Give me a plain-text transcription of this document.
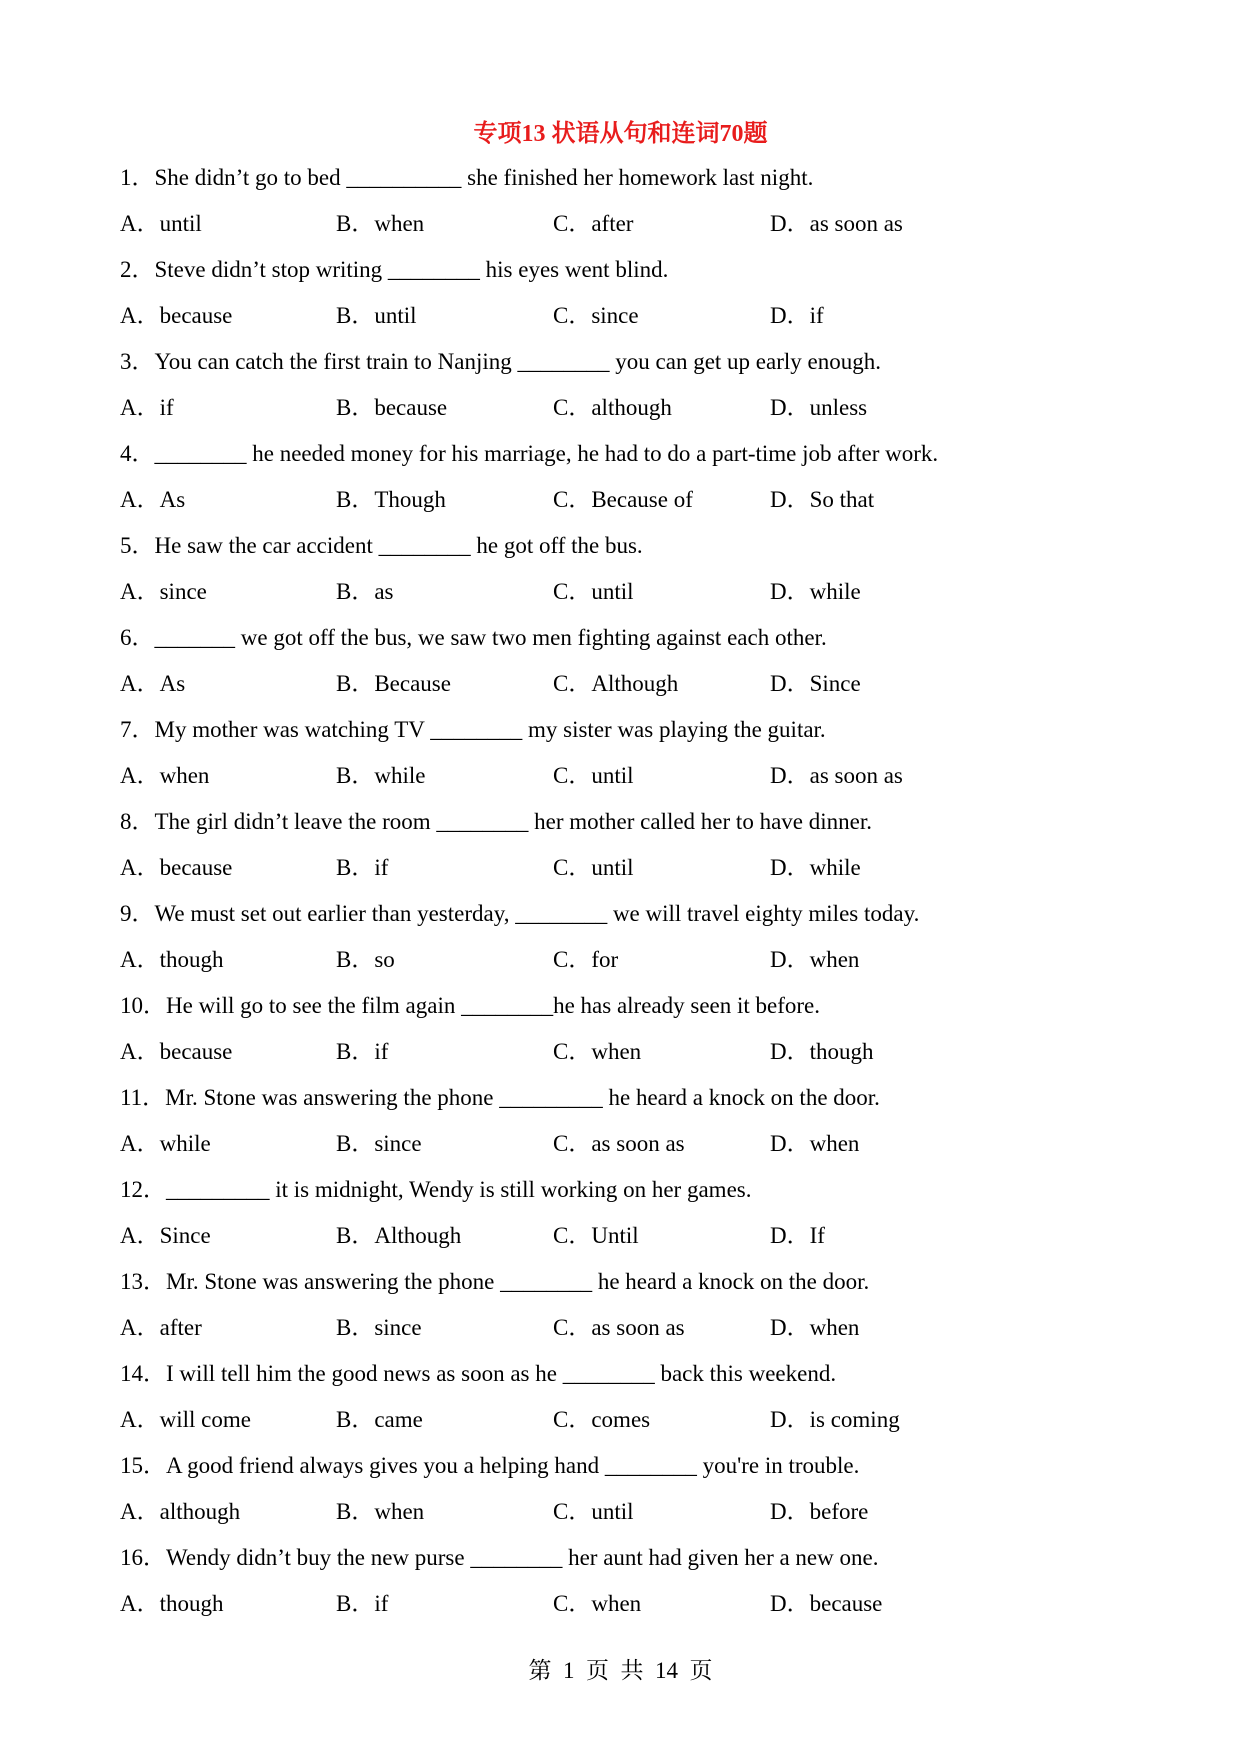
专项13 状语从句和连词70题
1．She didn’t go to bed __________ she finished her homework last night.
A．until	B．when	C．after	D．as soon as
2．Steve didn’t stop writing ________ his eyes went blind.
A．because	B．until	C．since	D．if
3．You can catch the first train to Nanjing ________ you can get up early enough.
A．if	B．because	C．although	D．unless
4．________ he needed money for his marriage, he had to do a part-time job after work.
A．As	B．Though	C．Because of	D．So that
5．He saw the car accident ________ he got off the bus.
A．since	B．as	C．until	D．while
6．_______ we got off the bus, we saw two men fighting against each other.
A．As	B．Because	C．Although	D．Since
7．My mother was watching TV ________ my sister was playing the guitar.
A．when	B．while	C．until	D．as soon as
8．The girl didn’t leave the room ________ her mother called her to have dinner.
A．because	B．if	C．until	D．while
9．We must set out earlier than yesterday, ________ we will travel eighty miles today.
A．though	B．so	C．for	D．when
10．He will go to see the film again ________he has already seen it before.
A．because	B．if	C．when	D．though
11．Mr. Stone was answering the phone _________ he heard a knock on the door.
A．while	B．since	C．as soon as	D．when
12．_________ it is midnight, Wendy is still working on her games.
A．Since	B．Although	C．Until	D．If
13．Mr. Stone was answering the phone ________ he heard a knock on the door.
A．after	B．since	C．as soon as	D．when
14．I will tell him the good news as soon as he ________ back this weekend.
A．will come	B．came	C．comes	D．is coming
15．A good friend always gives you a helping hand ________ you're in trouble.
A．although	B．when	C．until	D．before
16．Wendy didn’t buy the new purse ________ her aunt had given her a new one.
A．though	B．if	C．when	D．because
第  1  页  共  14  页
